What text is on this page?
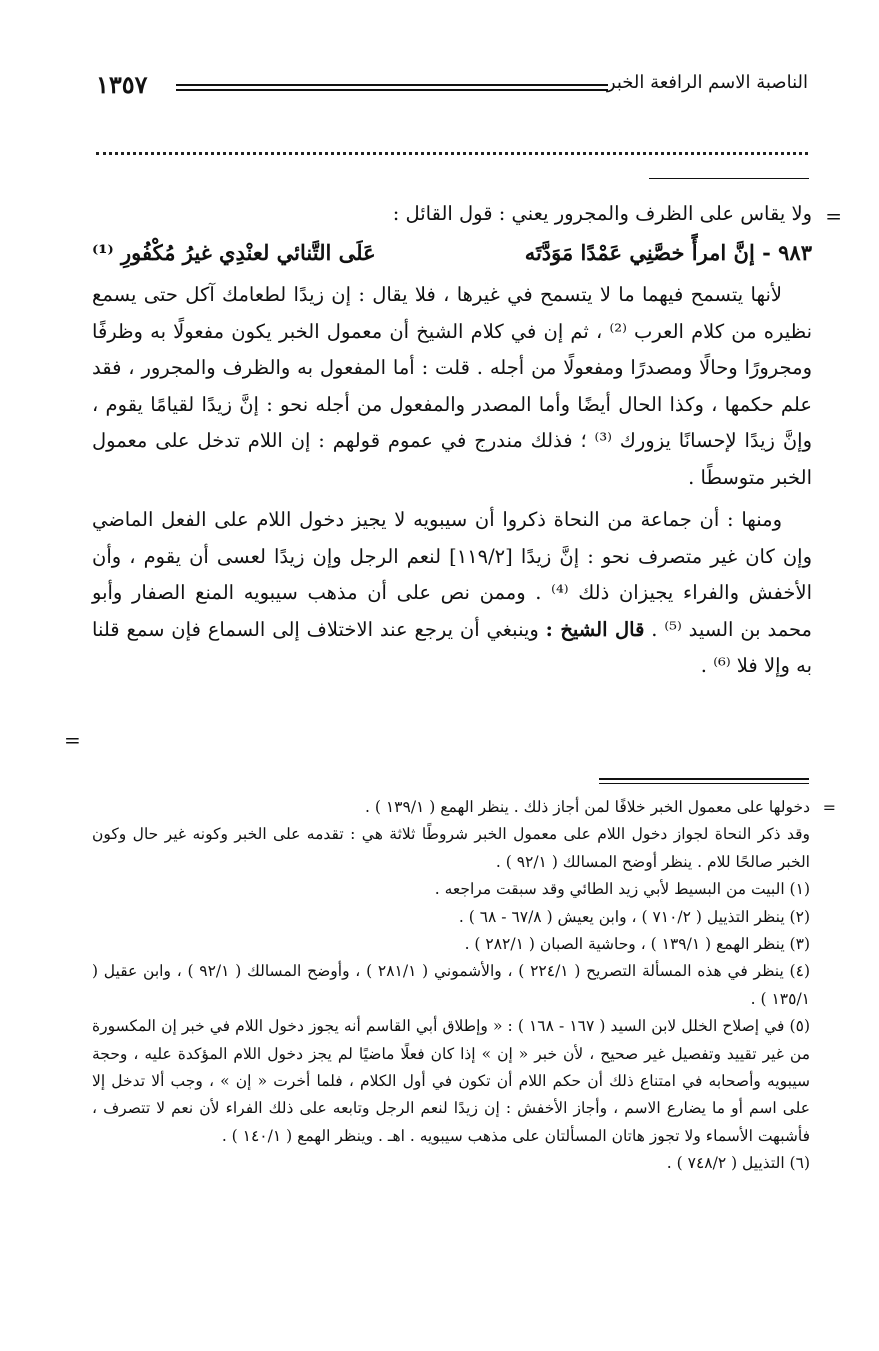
١٣٥٧	الناصبة الاسم الرافعة الخبر
=

ولا يقاس على الظرف والمجرور يعني : قول القائل :

٩٨٣ - إنَّ امرأً خصَّنِي عَمْدًا مَوَدَّتَه
عَلَى التَّنائي لعنْدِي غيرُ مُكْفُورِ ⁽¹⁾

لأنها يتسمح فيهما ما لا يتسمح في غيرها ، فلا يقال : إن زيدًا لطعامك آكل حتى يسمع نظيره من كلام العرب ⁽²⁾ ، ثم إن في كلام الشيخ أن معمول الخبر يكون مفعولًا به وظرفًا ومجرورًا وحالًا ومصدرًا ومفعولًا من أجله . قلت : أما المفعول به والظرف والمجرور ، فقد علم حكمها ، وكذا الحال أيضًا وأما المصدر والمفعول من أجله نحو : إنَّ زيدًا لقيامًا يقوم ، وإنَّ زيدًا لإحسانًا يزورك ⁽³⁾ ؛ فذلك مندرج في عموم قولهم : إن اللام تدخل على معمول الخبر متوسطًا .

ومنها : أن جماعة من النحاة ذكروا أن سيبويه لا يجيز دخول اللام على الفعل الماضي وإن كان غير متصرف نحو : إنَّ زيدًا [١١٩/٢] لنعم الرجل وإن زيدًا لعسى أن يقوم ، وأن الأخفش والفراء يجيزان ذلك ⁽⁴⁾ . وممن نص على أن مذهب سيبويه المنع الصفار وأبو محمد بن السيد ⁽⁵⁾ . قال الشيخ : وينبغي أن يرجع عند الاختلاف إلى السماع فإن سمع قلنا به وإلا فلا ⁽⁶⁾ .

=
=

دخولها على معمول الخبر خلافًا لمن أجاز ذلك . ينظر الهمع ( ١٣٩/١ ) .

وقد ذكر النحاة لجواز دخول اللام على معمول الخبر شروطًا ثلاثة هي : تقدمه على الخبر وكونه غير حال وكون الخبر صالحًا للام . ينظر أوضح المسالك ( ٩٢/١ ) .

(١) البيت من البسيط لأبي زيد الطائي وقد سبقت مراجعه .

(٢) ينظر التذييل ( ٧١٠/٢ ) ، وابن يعيش ( ٦٧/٨ - ٦٨ ) .

(٣) ينظر الهمع ( ١٣٩/١ ) ، وحاشية الصبان ( ٢٨٢/١ ) .

(٤) ينظر في هذه المسألة التصريح ( ٢٢٤/١ ) ، والأشموني ( ٢٨١/١ ) ، وأوضح المسالك ( ٩٢/١ ) ، وابن عقيل ( ١٣٥/١ ) .

(٥) في إصلاح الخلل لابن السيد ( ١٦٧ - ١٦٨ ) : « وإطلاق أبي القاسم أنه يجوز دخول اللام في خبر إن المكسورة من غير تقييد وتفصيل غير صحيح ، لأن خبر « إن » إذا كان فعلًا ماضيًا لم يجز دخول اللام المؤكدة عليه ، وحجة سيبويه وأصحابه في امتناع ذلك أن حكم اللام أن تكون في أول الكلام ، فلما أخرت « إن » ، وجب ألا تدخل إلا على اسم أو ما يضارع الاسم ، وأجاز الأخفش : إن زيدًا لنعم الرجل وتابعه على ذلك الفراء لأن نعم لا تتصرف ، فأشبهت الأسماء ولا تجوز هاتان المسألتان على مذهب سيبويه . اهـ . وينظر الهمع ( ١٤٠/١ ) .

(٦) التذييل ( ٧٤٨/٢ ) .
